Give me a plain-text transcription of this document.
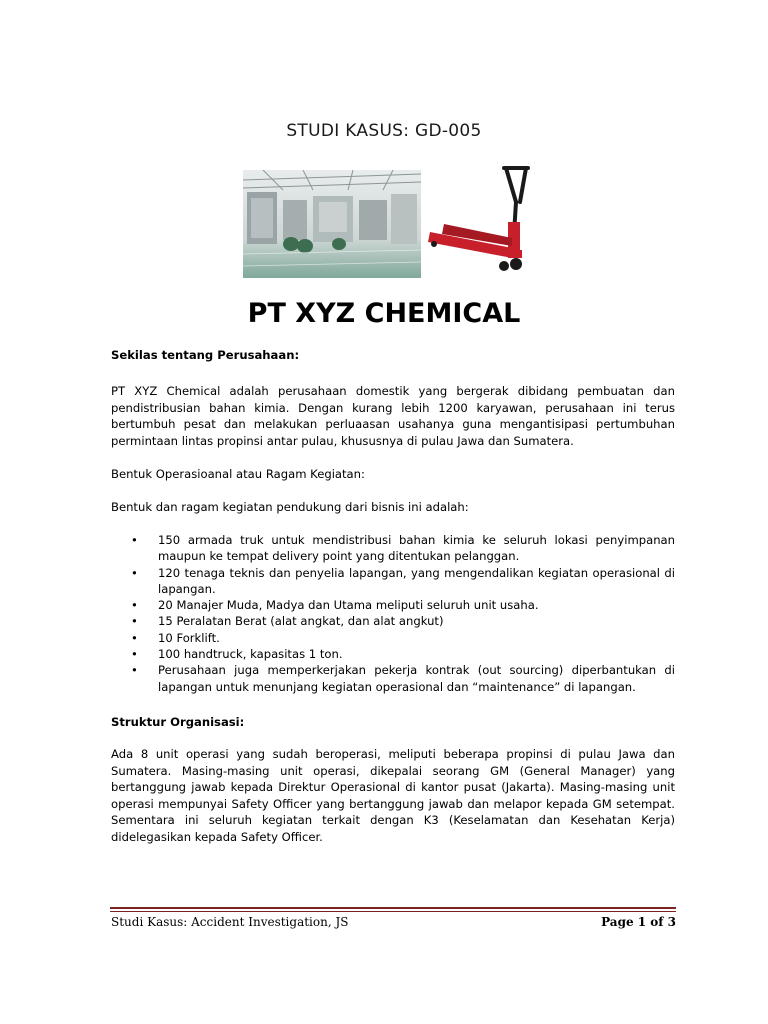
STUDI KASUS: GD-005
PT XYZ CHEMICAL
Sekilas tentang Perusahaan:
PT XYZ Chemical adalah perusahaan domestik yang bergerak dibidang pembuatan dan pendistribusian bahan kimia. Dengan kurang lebih 1200 karyawan, perusahaan ini terus bertumbuh pesat dan melakukan perluaasan usahanya guna mengantisipasi pertumbuhan permintaan lintas propinsi antar pulau, khususnya di pulau Jawa dan Sumatera.
Bentuk Operasioanal atau Ragam Kegiatan:
Bentuk dan ragam kegiatan pendukung dari bisnis ini adalah:
• 150 armada truk untuk mendistribusi bahan kimia ke seluruh lokasi penyimpanan maupun ke tempat delivery point yang ditentukan pelanggan.
• 120 tenaga teknis dan penyelia lapangan, yang mengendalikan kegiatan operasional di lapangan.
• 20 Manajer Muda, Madya dan Utama meliputi seluruh unit usaha.
• 15 Peralatan Berat (alat angkat, dan alat angkut)
• 10 Forklift.
• 100 handtruck, kapasitas 1 ton.
• Perusahaan juga memperkerjakan pekerja kontrak (out sourcing) diperbantukan di lapangan untuk menunjang kegiatan operasional dan “maintenance” di lapangan.
Struktur Organisasi:
Ada 8 unit operasi yang sudah beroperasi, meliputi beberapa propinsi di pulau Jawa dan Sumatera. Masing-masing unit operasi, dikepalai seorang GM (General Manager) yang bertanggung jawab kepada Direktur Operasional di kantor pusat (Jakarta). Masing-masing unit operasi mempunyai Safety Officer yang bertanggung jawab dan melapor kepada GM setempat. Sementara ini seluruh kegiatan terkait dengan K3 (Keselamatan dan Kesehatan Kerja) didelegasikan kepada Safety Officer.
Studi Kasus: Accident Investigation, JS	Page 1 of 3
